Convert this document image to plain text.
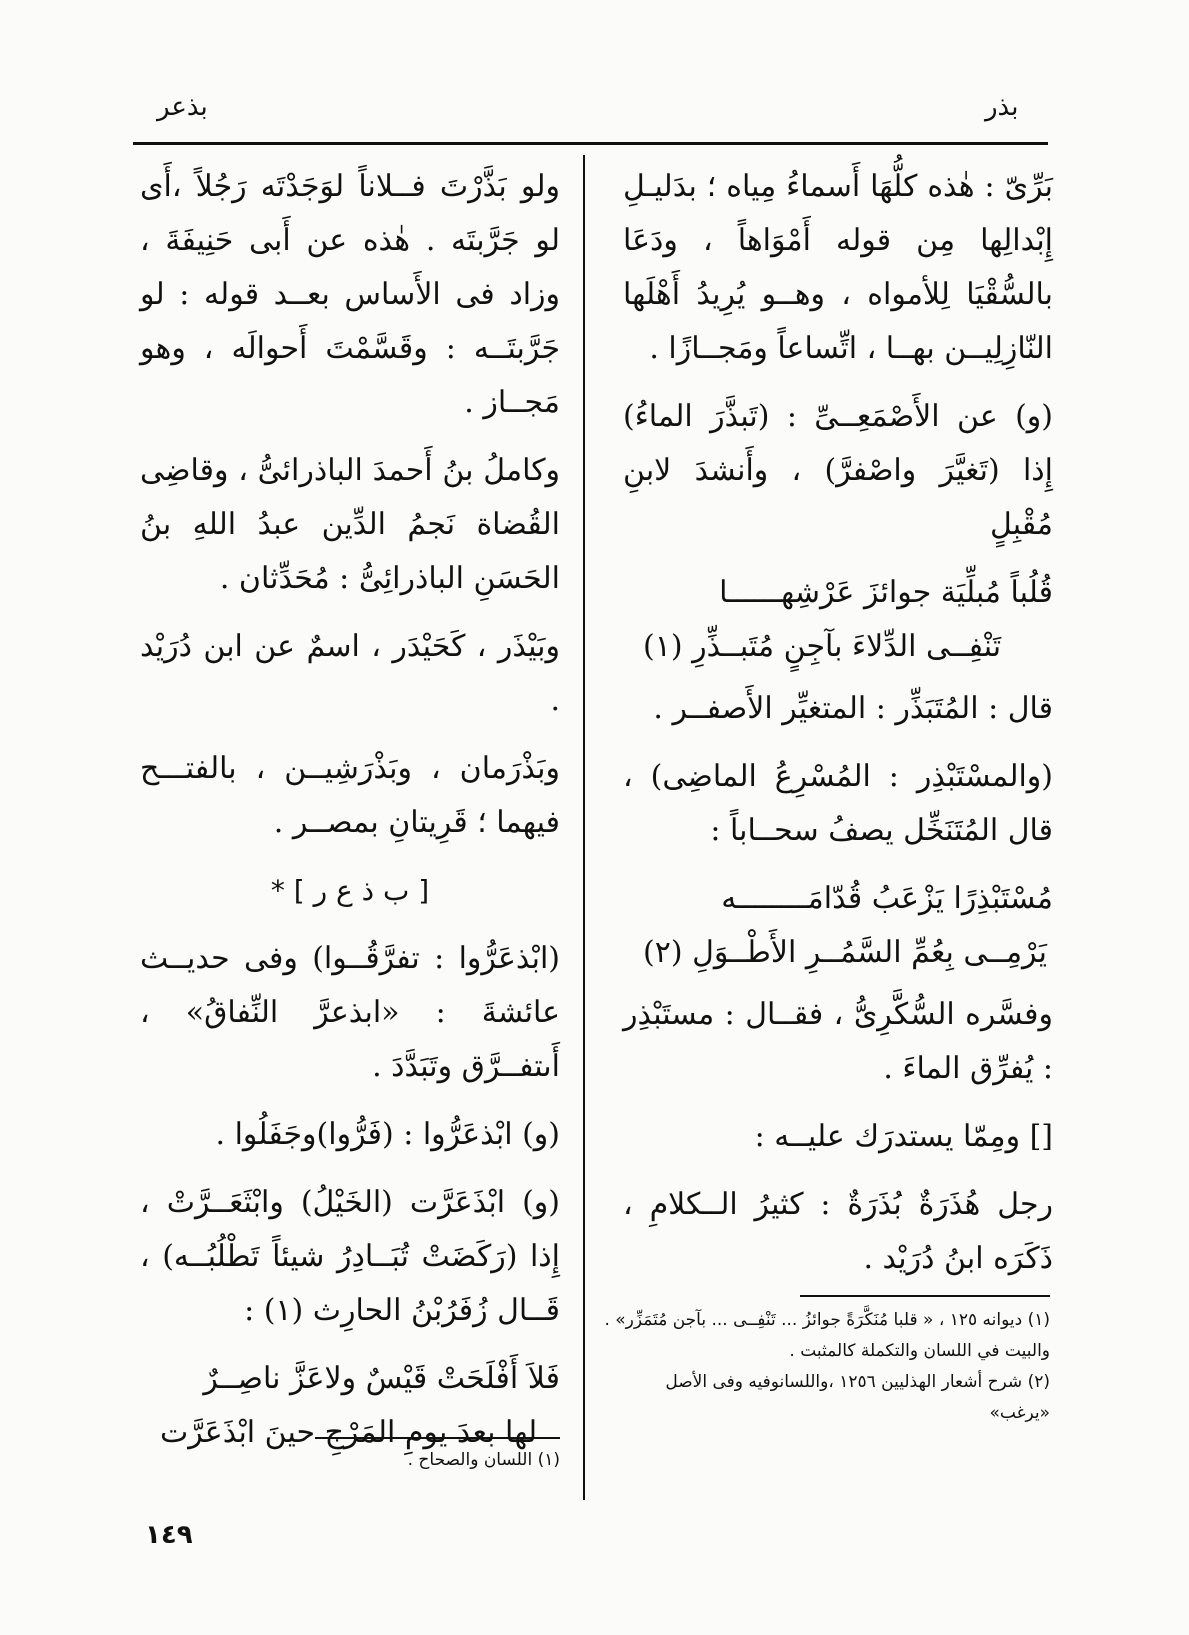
بذر
بذعر

بَرِّىّ : هٰذه كلُّهَا أَسماءُ مِياه ؛ بدَليـلِ إِبْدالِها مِن قوله أَمْوَاهاً ، ودَعَا بالسُّقْيَا لِلأمواه ، وهــو يُرِيدُ أَهْلَها النّازِلِيــن بهــا ، اتِّساعاً ومَجــازًا .

(و) عن الأَصْمَعِــىِّ : (تَبذَّرَ الماءُ) إِذا (تَغيَّرَ واصْفرَّ) ، وأَنشدَ لابنِ مُقْبِلٍ

قُلُباً مُبلِّيَة جوائزَ عَرْشِهــــــا

تَنْفِــى الدِّلاءَ بآجِنٍ مُتَبــذِّرِ (١)

قال : المُتَبَذِّر : المتغيِّر الأَصفــر .

(والمسْتَبْذِر : المُسْرِعُ الماضِى) ، قال المُتَنَخِّل يصفُ سحــاباً :

مُسْتَبْذِرًا يَزْعَبُ قُدّامَــــــــه

يَرْمِــى بِعُمِّ السَّمُــرِ الأَطْــوَلِ (٢)

وفسَّره السُّكَّرِىُّ ، فقــال : مستَبْذِر : يُفرِّق الماءَ .

[] ومِمّا يستدرَك عليــه :

رجل هُذَرَةٌ بُذَرَةٌ : كثيرُ الــكلامِ ، ذَكَرَه ابنُ دُرَيْد .

ولو بَذَّرْتَ فــلاناً لوَجَدْتَه رَجُلاً ،أَى لو جَرَّبتَه . هٰذه عن أَبى حَنِيفَةَ ، وزاد فى الأَساس بعــد قوله : لو جَرَّبتَــه : وقَسَّمْتَ أَحوالَه ، وهو مَجــاز .

وكاملُ بنُ أَحمدَ الباذرائىُّ ، وقاضِى القُضاة نَجمُ الدِّين عبدُ اللهِ بنُ الحَسَنِ الباذرائِىُّ : مُحَدِّثان .

وبَيْذَر ، كَحَيْدَر ، اسمٌ عن ابن دُرَيْد .

وبَذْرَمان ، وبَذْرَشِيــن ، بالفتـــح فيهما ؛ قَرِيتانِ بمصــر .

[ ب ذ ع ر ] *

(ابْذعَرُّوا : تفرَّقُــوا) وفى حديــث عائشةَ : «ابذعرَّ النِّفاقُ» ، أَىتفــرَّق وتَبَدَّدَ .

(و) ابْذعَرُّوا : (فَرُّوا)وجَفَلُوا .

(و) ابْذَعَرَّت (الخَيْلُ) وابْثَعَــرَّتْ ، إِذا (رَكَضَتْ تُبَــادِرُ شيئاً تَطْلُبُــه) ، قَــال زُفَرُبْنُ الحارِث (١) :

فَلاَ أَفْلَحَتْ قَيْسٌ ولاعَزَّ ناصِــرٌ

لها بعدَ يومِ المَرْجِ حينَ ابْذَعَرَّت

(١) ديوانه ١٢٥ ، « قلبا مُنَكَّرَةً جوائزُ ... تَنْفِــى ... بآجن مُتَمَزِّر» . والبيت في اللسان والتكملة كالمثبت .

(٢) شرح أشعار الهذليين ١٢٥٦ ،واللسانوفيه وفى الأصل «يرغب»

(١) اللسان والصحاح .

١٤٩
